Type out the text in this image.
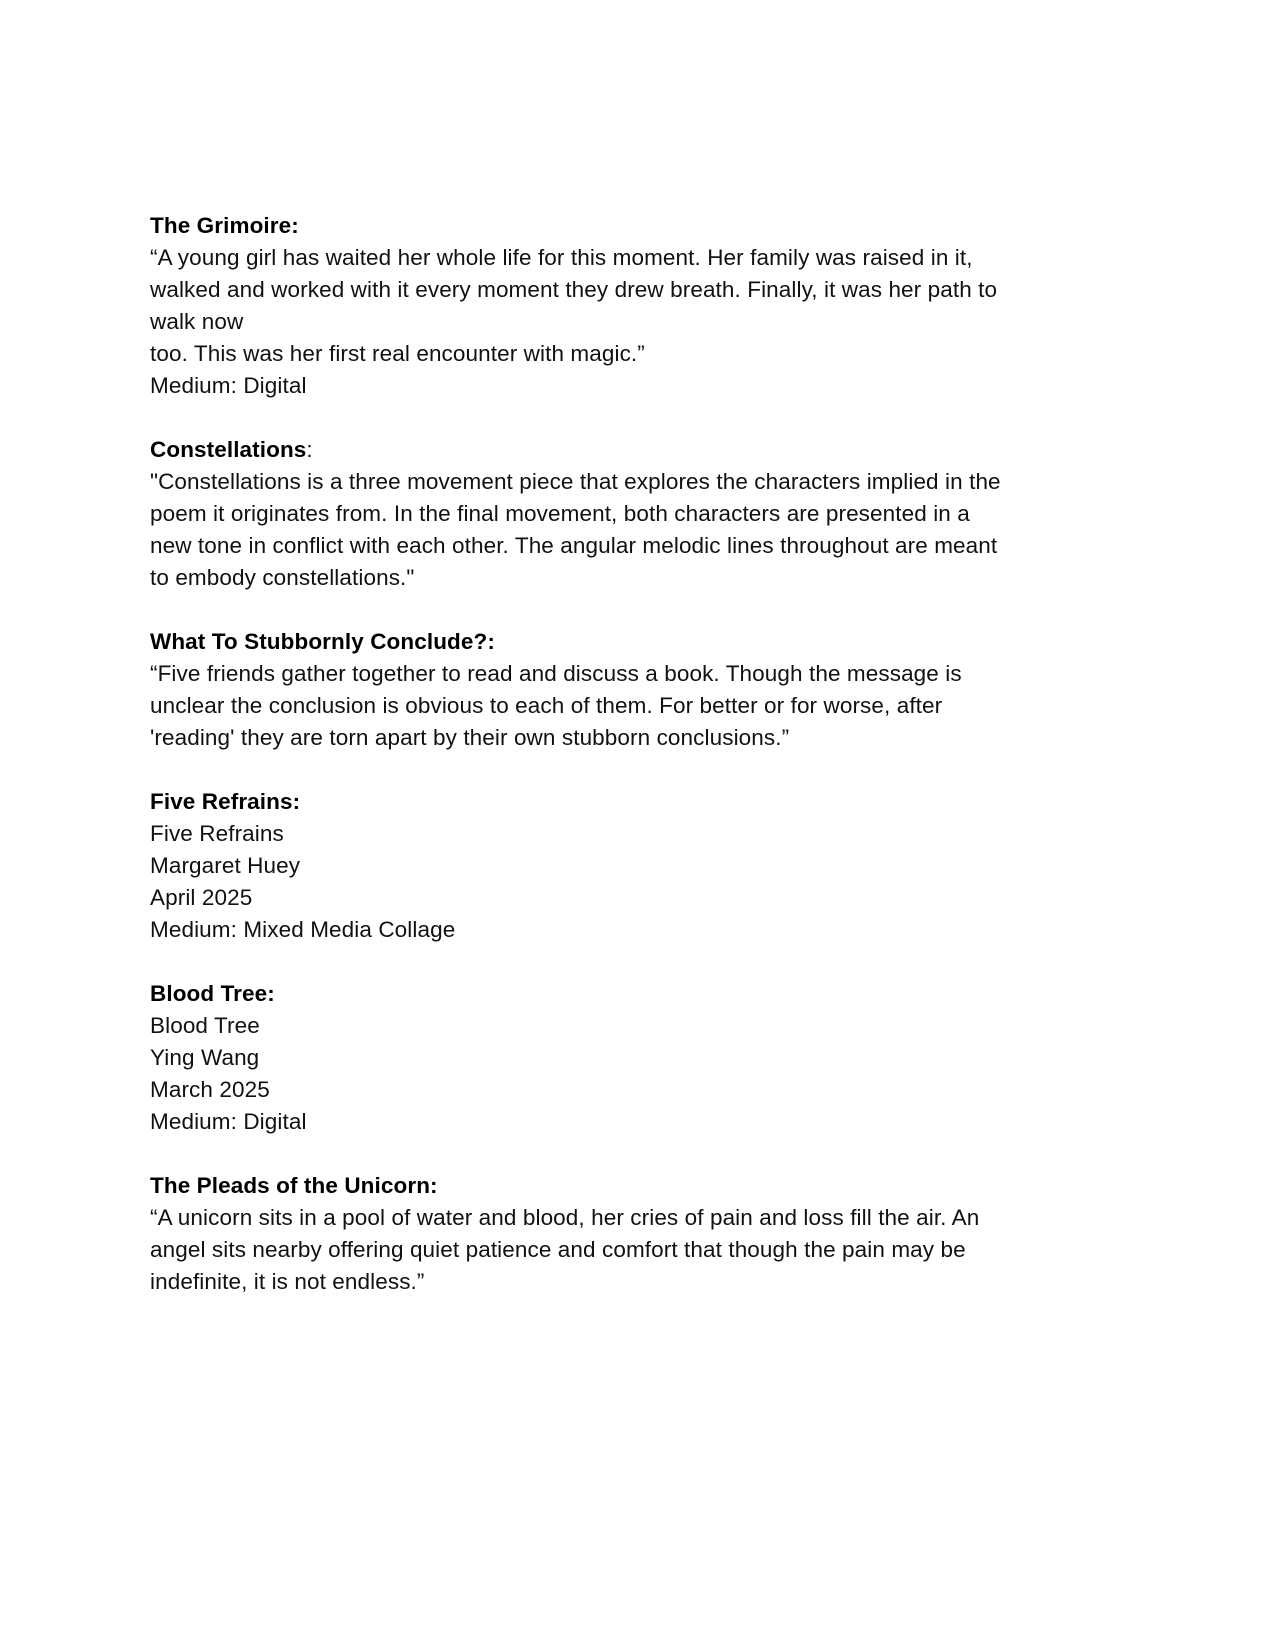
The Grimoire:
“A young girl has waited her whole life for this moment. Her family was raised in it,
walked and worked with it every moment they drew breath. Finally, it was her path to
walk now
too. This was her first real encounter with magic.”
Medium: Digital
Constellations:
"Constellations is a three movement piece that explores the characters implied in the
poem it originates from. In the final movement, both characters are presented in a
new tone in conflict with each other. The angular melodic lines throughout are meant
to embody constellations."
What To Stubbornly Conclude?:
“Five friends gather together to read and discuss a book. Though the message is
unclear the conclusion is obvious to each of them. For better or for worse, after
'reading' they are torn apart by their own stubborn conclusions.”
Five Refrains:
Five Refrains
Margaret Huey
April 2025
Medium: Mixed Media Collage
Blood Tree:
Blood Tree
Ying Wang
March 2025
Medium: Digital
The Pleads of the Unicorn:
“A unicorn sits in a pool of water and blood, her cries of pain and loss fill the air. An
angel sits nearby offering quiet patience and comfort that though the pain may be
indefinite, it is not endless.”
